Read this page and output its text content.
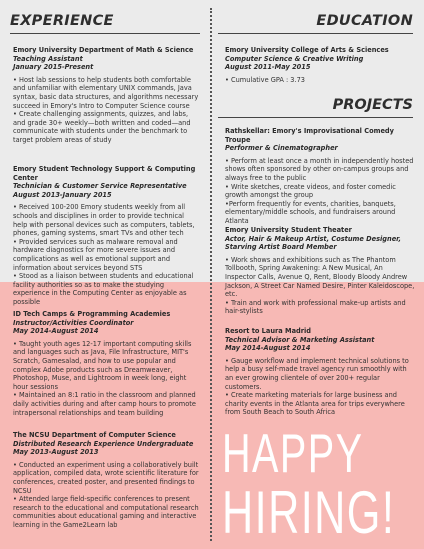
EXPERIENCE	EDUCATION
PROJECTS
Emory University Department of Math & Science
Teaching Assistant
January 2015-Present

• Host lab sessions to help students both comfortable and unfamiliar with elementary UNIX commands, Java syntax, basic data structures, and algorithms necessary succeed in Emory's Intro to Computer Science course

• Create challenging assignments, quizzes, and labs, and grade 30+ weekly—both written and coded—and communicate with students under the benchmark to target problem areas of study

Emory Student Technology Support & Computing Center
Technician & Customer Service Representative
August 2013-January 2015

• Received 100-200 Emory students weekly from all schools and disciplines in order to provide technical help with personal devices such as computers, tablets, phones, gaming systems, smart TVs and other tech

• Provided services such as malware removal and hardware diagnostics for more severe issues and complications as well as emotional support and information about services beyond STS

• Stood as a liaison between students and educational facility authorities so as to make the studying experience in the Computing Center as enjoyable as possible

ID Tech Camps & Programming Academies
Instructor/Activities Coordinator
May 2014-August 2014

• Taught youth ages 12-17 important computing skills and languages such as Java, File Infrastructure, MIT's Scratch, Gamesalad, and how to use popular and complex Adobe products such as Dreamweaver, Photoshop, Muse, and Lightroom in week long, eight hour sessions

• Maintained an 8:1 ratio in the classroom and planned daily activities during and after camp hours to promote intrapersonal relationships and team building

The NCSU Department of Computer Science
Distributed Research Experience Undergraduate
May 2013-August 2013

• Conducted an experiment using a collaboratively built application, compiled data, wrote scientific literature for conferences, created poster, and presented findings to NCSU

• Attended large field-specific conferences to present research to the educational and computational research communities about educational gaming and interactive learning in the Game2Learn lab

Emory University College of Arts & Sciences
Computer Science & Creative Writing
August 2011-May 2015

• Cumulative GPA : 3.73

Rathskellar: Emory's Improvisational Comedy Troupe
Performer & Cinematographer

• Perform at least once a month in independently hosted shows often sponsored by other on-campus groups and always free to the public

• Write sketches, create videos, and foster comedic growth amongst the group

•Perform frequently for events, charities, banquets, elementary/middle schools, and fundraisers around Atlanta

Emory University Student Theater
Actor, Hair & Makeup Artist, Costume Designer, Starving Artist Board Member

• Work shows and exhibitions such as The Phantom Tollbooth, Spring Awakening: A New Musical, An Inspector Calls, Avenue Q, Rent, Bloody Bloody Andrew Jackson, A Street Car Named Desire, Pinter Kaleidoscope, etc.

• Train and work with professional make-up artists and hair-stylists

Resort to Laura Madrid
Technical Advisor & Marketing Assistant
May 2014-August 2014

• Gauge workflow and implement technical solutions to help a busy self-made travel agency run smoothly with an ever growing clientele of over 200+ regular customers.

• Create marketing materials for large business and charity events in the Atlanta area for trips everywhere from South Beach to South Africa

HAPPY
HIRING!
